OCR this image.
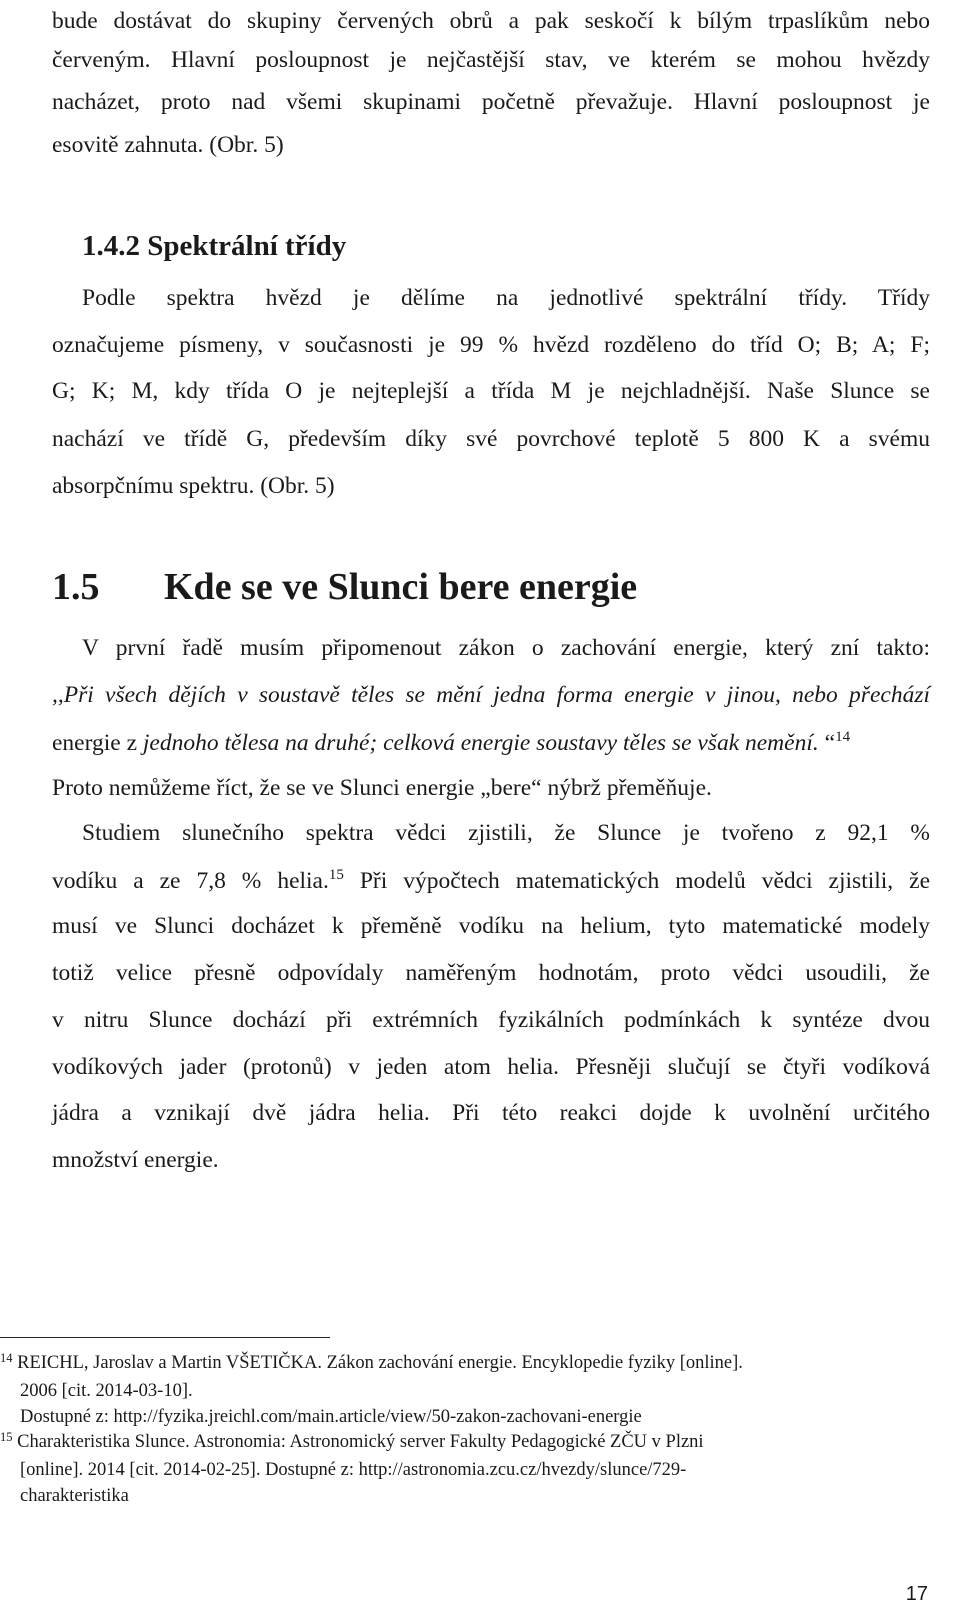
bude dostávat do skupiny červených obrů a pak seskočí k bílým trpaslíkům nebo
červeným. Hlavní posloupnost je nejčastější stav, ve kterém se mohou hvězdy
nacházet, proto nad všemi skupinami početně převažuje. Hlavní posloupnost je
esovitě zahnuta. (Obr. 5)
1.4.2 Spektrální třídy
Podle spektra hvězd je dělíme na jednotlivé spektrální třídy. Třídy
označujeme písmeny, v současnosti je 99 % hvězd rozděleno do tříd O; B; A; F;
G; K; M, kdy třída O je nejteplejší a třída M je nejchladnější. Naše Slunce se
nachází ve třídě G, především díky své povrchové teplotě 5 800 K a svému
absorpčnímu spektru. (Obr. 5)
1.5 Kde se ve Slunci bere energie
V první řadě musím připomenout zákon o zachování energie, který zní takto:
,,Při všech dějích v soustavě těles se mění jedna forma energie v jinou, nebo přechází
energie z jednoho tělesa na druhé; celková energie soustavy těles se však nemění. “$^{14}$
Proto nemůžeme říct, že se ve Slunci energie „bere“ nýbrž přeměňuje.
Studiem slunečního spektra vědci zjistili, že Slunce je tvořeno z 92,1 %
vodíku a ze 7,8 % helia.$^{15}$ Při výpočtech matematických modelů vědci zjistili, že
musí ve Slunci docházet k přeměně vodíku na helium, tyto matematické modely
totiž velice přesně odpovídaly naměřeným hodnotám, proto vědci usoudili, že
v nitru Slunce dochází při extrémních fyzikálních podmínkách k syntéze dvou
vodíkových jader (protonů) v jeden atom helia. Přesněji slučují se čtyři vodíková
jádra a vznikají dvě jádra helia. Při této reakci dojde k uvolnění určitého
množství energie.
$^{14}$ REICHL, Jaroslav a Martin VŠETIČKA. Zákon zachování energie. Encyklopedie fyziky [online].
2006 [cit. 2014-03-10].
Dostupné z: http://fyzika.jreichl.com/main.article/view/50-zakon-zachovani-energie
$^{15}$ Charakteristika Slunce. Astronomia: Astronomický server Fakulty Pedagogické ZČU v Plzni
[online]. 2014 [cit. 2014-02-25]. Dostupné z: http://astronomia.zcu.cz/hvezdy/slunce/729-
charakteristika
17
